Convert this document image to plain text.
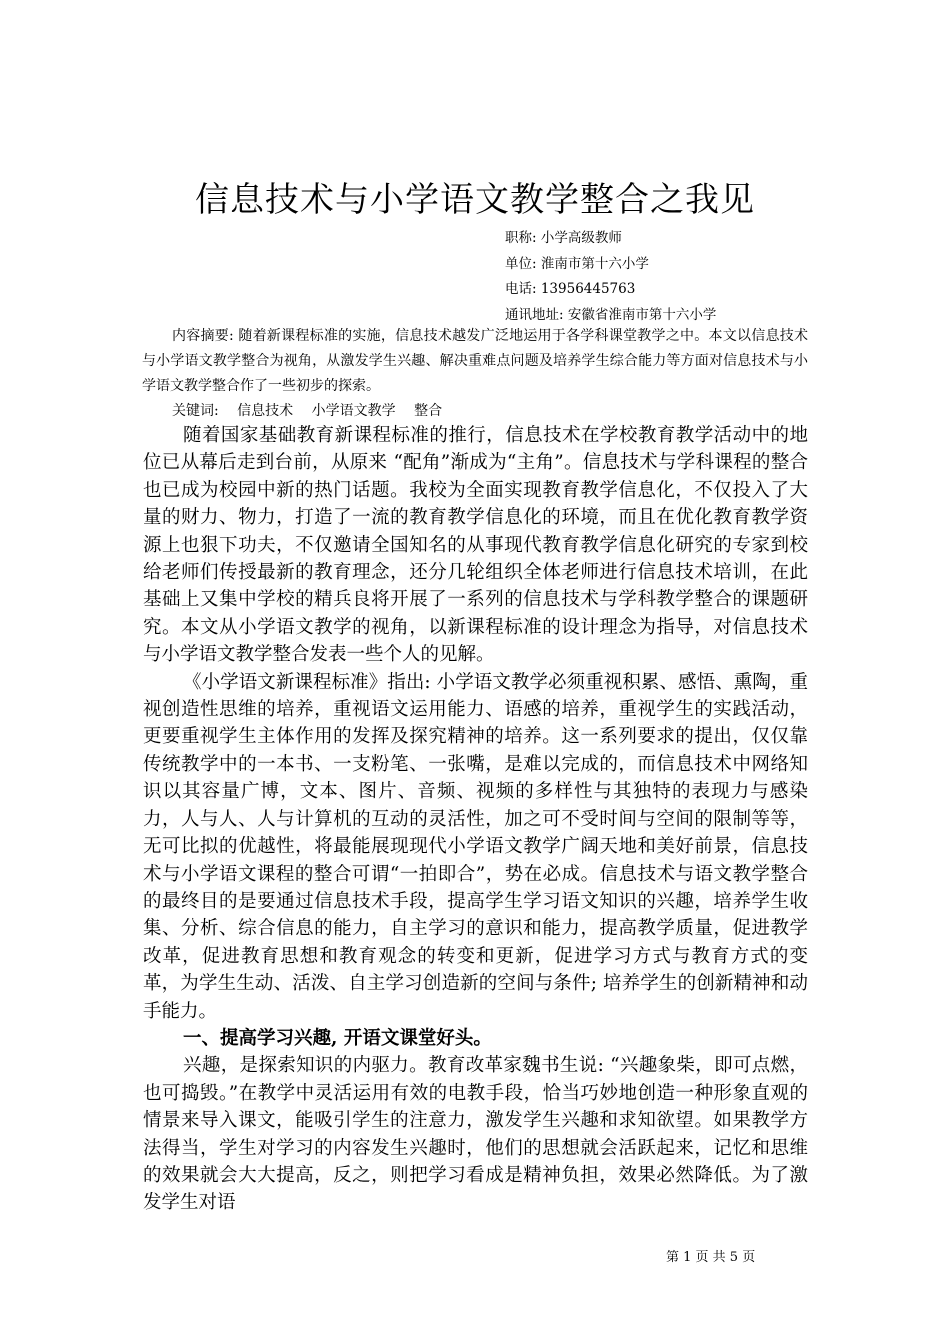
信息技术与小学语文教学整合之我见
职称: 小学高级教师
单位: 淮南市第十六小学
电话: 13956445763
通讯地址: 安徽省淮南市第十六小学

内容摘要: 随着新课程标准的实施，信息技术越发广泛地运用于各学科课堂教学之中。本文以信息技术与小学语文教学整合为视角，从激发学生兴趣、解决重难点问题及培养学生综合能力等方面对信息技术与小学语文教学整合作了一些初步的探索。

关键词: 信息技术 小学语文教学 整合

随着国家基础教育新课程标准的推行，信息技术在学校教育教学活动中的地位已从幕后走到台前，从原来 “配角”渐成为“主角”。信息技术与学科课程的整合也已成为校园中新的热门话题。我校为全面实现教育教学信息化，不仅投入了大量的财力、物力，打造了一流的教育教学信息化的环境，而且在优化教育教学资源上也狠下功夫，不仅邀请全国知名的从事现代教育教学信息化研究的专家到校给老师们传授最新的教育理念，还分几轮组织全体老师进行信息技术培训，在此基础上又集中学校的精兵良将开展了一系列的信息技术与学科教学整合的课题研究。本文从小学语文教学的视角，以新课程标准的设计理念为指导，对信息技术与小学语文教学整合发表一些个人的见解。

《小学语文新课程标准》指出: 小学语文教学必须重视积累、感悟、熏陶，重视创造性思维的培养，重视语文运用能力、语感的培养，重视学生的实践活动，更要重视学生主体作用的发挥及探究精神的培养。这一系列要求的提出，仅仅靠传统教学中的一本书、一支粉笔、一张嘴，是难以完成的，而信息技术中网络知识以其容量广博，文本、图片、音频、视频的多样性与其独特的表现力与感染力，人与人、人与计算机的互动的灵活性，加之可不受时间与空间的限制等等，无可比拟的优越性，将最能展现现代小学语文教学广阔天地和美好前景，信息技术与小学语文课程的整合可谓“一拍即合”，势在必成。信息技术与语文教学整合的最终目的是要通过信息技术手段，提高学生学习语文知识的兴趣，培养学生收集、分析、综合信息的能力，自主学习的意识和能力，提高教学质量，促进教学改革，促进教育思想和教育观念的转变和更新，促进学习方式与教育方式的变革，为学生生动、活泼、自主学习创造新的空间与条件; 培养学生的创新精神和动手能力。

一、提高学习兴趣, 开语文课堂好头。

兴趣，是探索知识的内驱力。教育改革家魏书生说: “兴趣象柴，即可点燃，也可捣毁。”在教学中灵活运用有效的电教手段，恰当巧妙地创造一种形象直观的情景来导入课文，能吸引学生的注意力，激发学生兴趣和求知欲望。如果教学方法得当，学生对学习的内容发生兴趣时，他们的思想就会活跃起来，记忆和思维的效果就会大大提高，反之，则把学习看成是精神负担，效果必然降低。为了激发学生对语

第 1 页 共 5 页
